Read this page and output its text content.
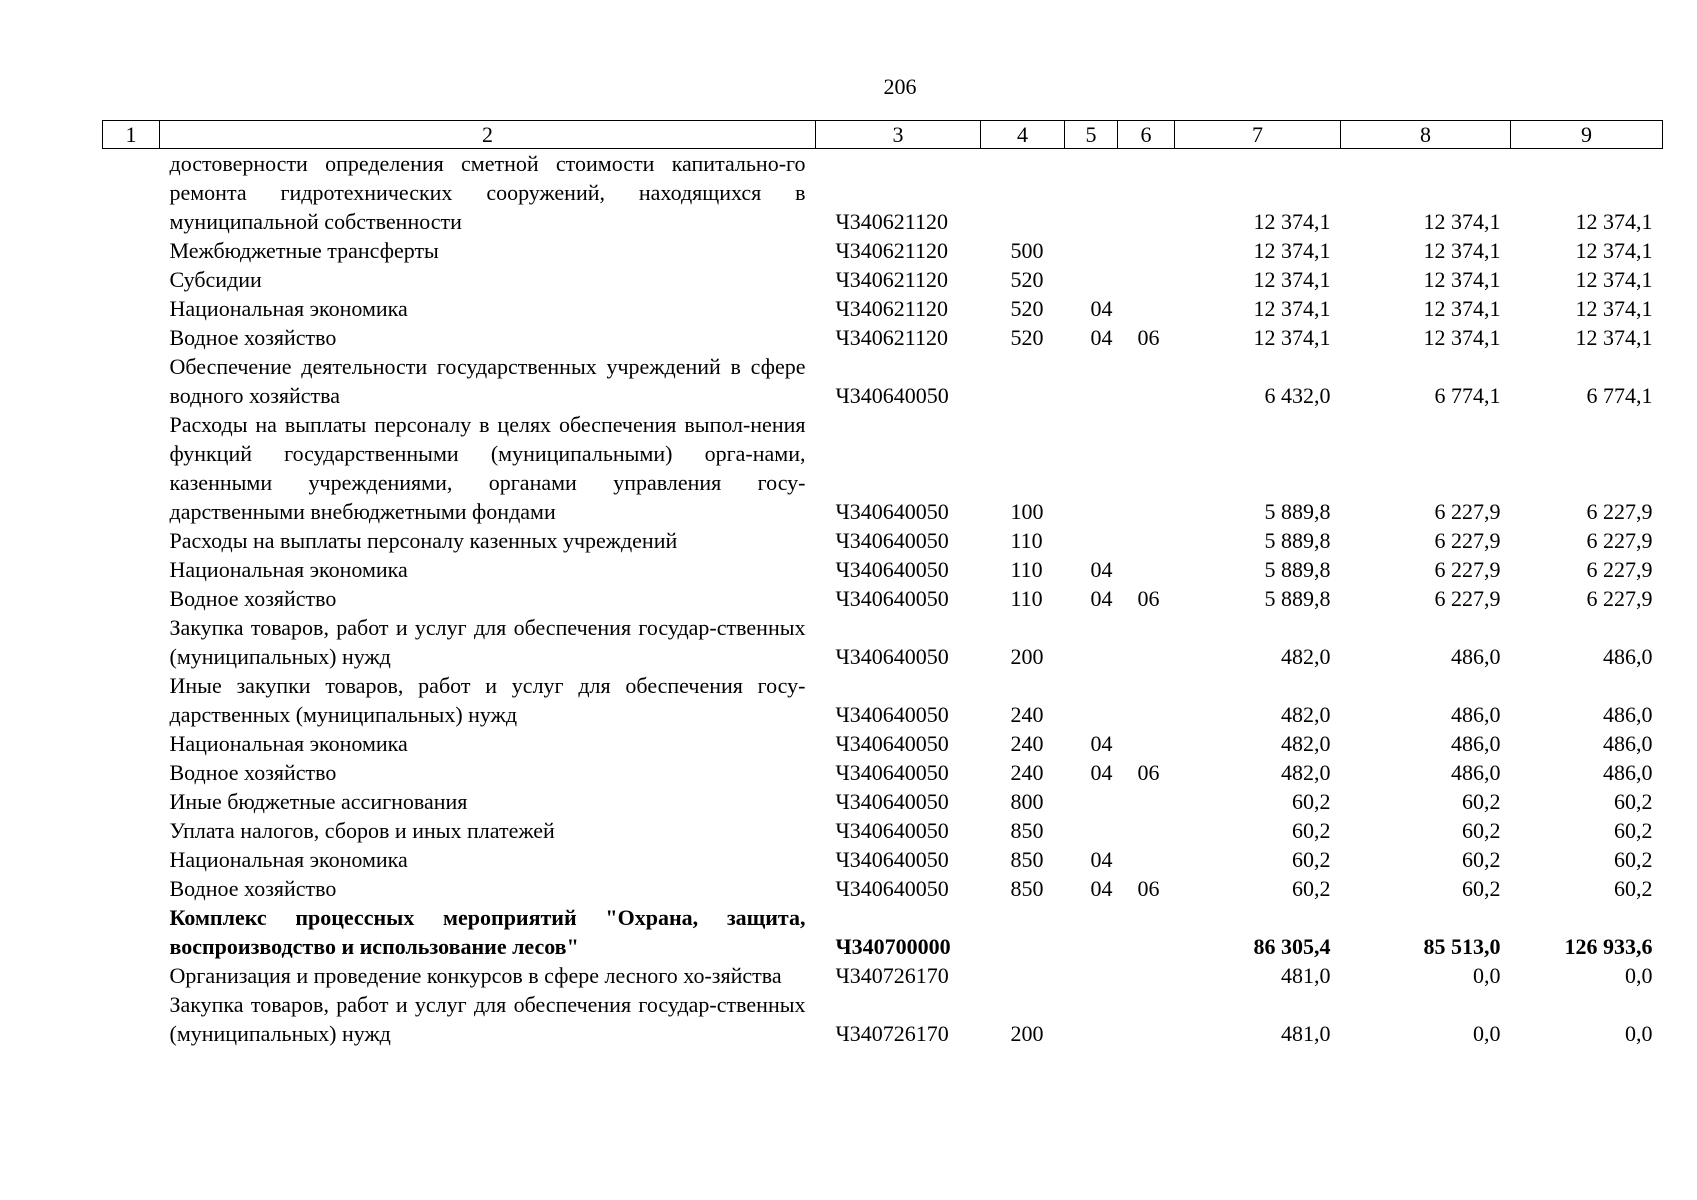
206
1	2	3	4	5	6	7	8	9
	достоверности определения сметной стоимости капитально-го ремонта гидротехнических сооружений, находящихся в муниципальной собственности	Ч340621120				12 374,1	12 374,1	12 374,1
	Межбюджетные трансферты	Ч340621120	500			12 374,1	12 374,1	12 374,1
	Субсидии	Ч340621120	520			12 374,1	12 374,1	12 374,1
	Национальная экономика	Ч340621120	520	04		12 374,1	12 374,1	12 374,1
	Водное хозяйство	Ч340621120	520	04	06	12 374,1	12 374,1	12 374,1
	Обеспечение деятельности государственных учреждений в сфере водного хозяйства	Ч340640050				6 432,0	6 774,1	6 774,1
	Расходы на выплаты персоналу в целях обеспечения выпол-нения функций государственными (муниципальными) орга-нами, казенными учреждениями, органами управления госу-дарственными внебюджетными фондами	Ч340640050	100			5 889,8	6 227,9	6 227,9
	Расходы на выплаты персоналу казенных учреждений	Ч340640050	110			5 889,8	6 227,9	6 227,9
	Национальная экономика	Ч340640050	110	04		5 889,8	6 227,9	6 227,9
	Водное хозяйство	Ч340640050	110	04	06	5 889,8	6 227,9	6 227,9
	Закупка товаров, работ и услуг для обеспечения государ-ственных (муниципальных) нужд	Ч340640050	200			482,0	486,0	486,0
	Иные закупки товаров, работ и услуг для обеспечения госу-дарственных (муниципальных) нужд	Ч340640050	240			482,0	486,0	486,0
	Национальная экономика	Ч340640050	240	04		482,0	486,0	486,0
	Водное хозяйство	Ч340640050	240	04	06	482,0	486,0	486,0
	Иные бюджетные ассигнования	Ч340640050	800			60,2	60,2	60,2
	Уплата налогов, сборов и иных платежей	Ч340640050	850			60,2	60,2	60,2
	Национальная экономика	Ч340640050	850	04		60,2	60,2	60,2
	Водное хозяйство	Ч340640050	850	04	06	60,2	60,2	60,2
	Комплекс процессных мероприятий "Охрана, защита, воспроизводство и использование лесов"	Ч340700000				86 305,4	85 513,0	126 933,6
	Организация и проведение конкурсов в сфере лесного хо-зяйства	Ч340726170				481,0	0,0	0,0
	Закупка товаров, работ и услуг для обеспечения государ-ственных (муниципальных) нужд	Ч340726170	200			481,0	0,0	0,0
